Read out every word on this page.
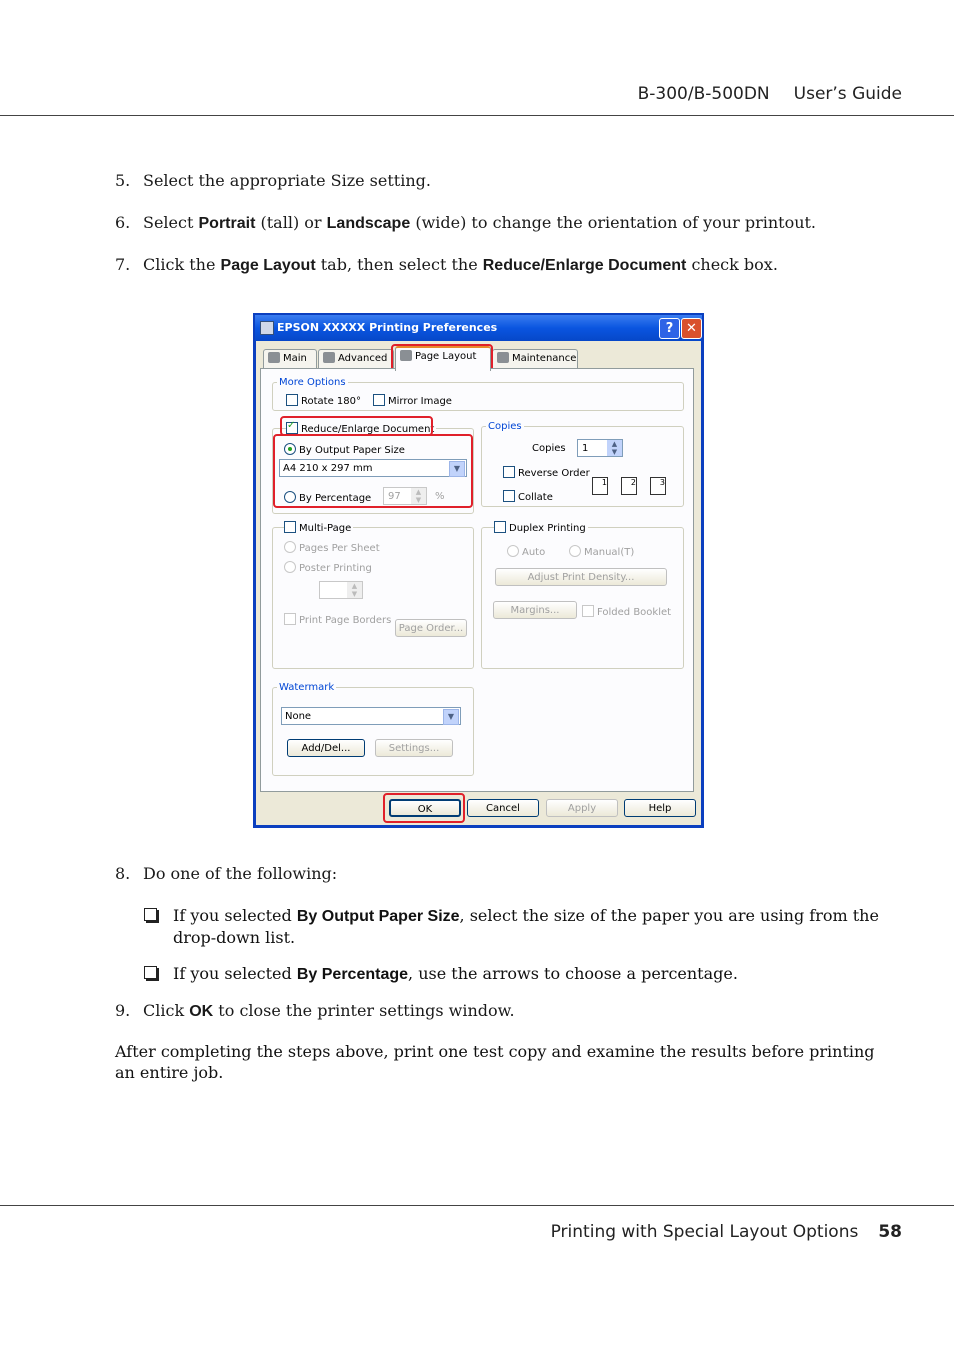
B-300/B-500DN User’s Guide
5. Select the appropriate Size setting.
6. Select Portrait (tall) or Landscape (wide) to change the orientation of your printout.
7. Click the Page Layout tab, then select the Reduce/Enlarge Document check box.
EPSON XXXXX Printing Preferences	? ✕
Main	Advanced	Page Layout	Maintenance
More Options
Rotate 180°	Mirror Image
✓Reduce/Enlarge Document
By Output Paper Size
A4 210 x 297 mm	▼
By Percentage	97	▲
▼	%
Copies
Copies	1	▲
▼
Reverse Order
Collate
1	2	3
Multi-Page
Pages Per Sheet
Poster Printing
▲
▼
Print Page Borders
Page Order...
Duplex Printing
Auto	Manual(T)
Adjust Print Density...
Margins...	Folded Booklet
Watermark
None	▼
Add/Del...	Settings...
OK	Cancel	Apply	Help
8. Do one of the following:
If you selected By Output Paper Size, select the size of the paper you are using from the drop-down list.
If you selected By Percentage, use the arrows to choose a percentage.
9. Click OK to close the printer settings window.
After completing the steps above, print one test copy and examine the results before printing an entire job.
Printing with Special Layout Options 58
